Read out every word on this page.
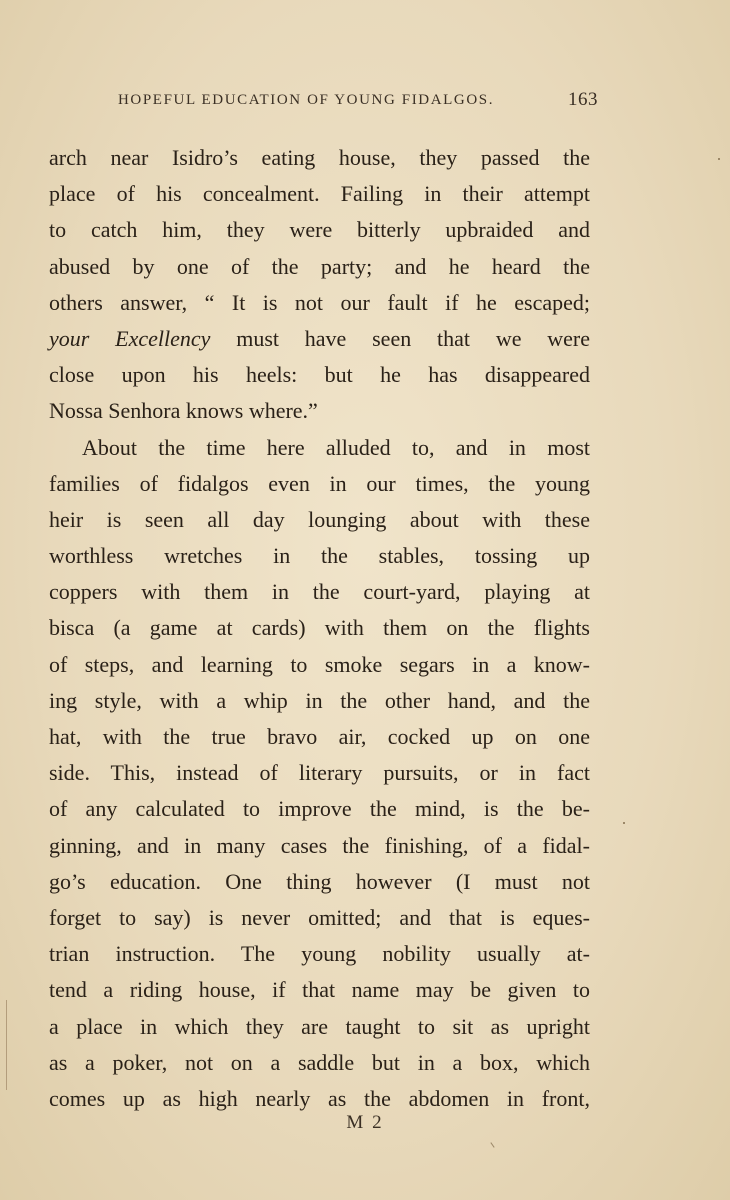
HOPEFUL EDUCATION OF YOUNG FIDALGOS.	163
arch near Isidro’s eating house, they passed the
place of his concealment. Failing in their attempt
to catch him, they were bitterly upbraided and
abused by one of the party; and he heard the
others answer, “ It is not our fault if he escaped;
your Excellency must have seen that we were
close upon his heels: but he has disappeared
Nossa Senhora knows where.”
About the time here alluded to, and in most
families of fidalgos even in our times, the young
heir is seen all day lounging about with these
worthless wretches in the stables, tossing up
coppers with them in the court-yard, playing at
bisca (a game at cards) with them on the flights
of steps, and learning to smoke segars in a know-
ing style, with a whip in the other hand, and the
hat, with the true bravo air, cocked up on one
side. This, instead of literary pursuits, or in fact
of any calculated to improve the mind, is the be-
ginning, and in many cases the finishing, of a fidal-
go’s education. One thing however (I must not
forget to say) is never omitted; and that is eques-
trian instruction. The young nobility usually at-
tend a riding house, if that name may be given to
a place in which they are taught to sit as upright
as a poker, not on a saddle but in a box, which
comes up as high nearly as the abdomen in front,
M 2
